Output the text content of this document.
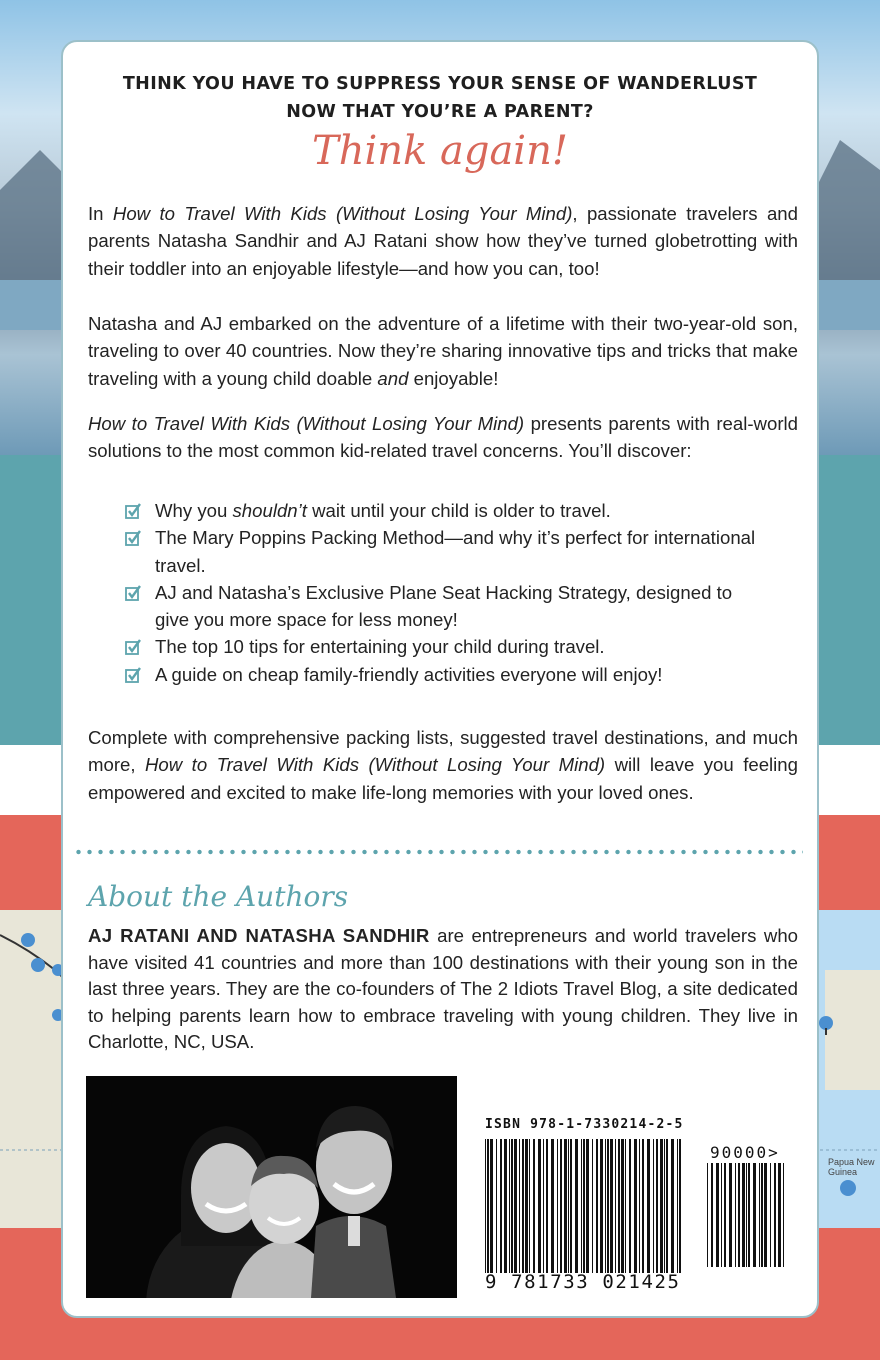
Papua New Guinea
THINK YOU HAVE TO SUPPRESS YOUR SENSE OF WANDERLUST
NOW THAT YOU’RE A PARENT?
Think again!
In How to Travel With Kids (Without Losing Your Mind), passionate travelers and parents Natasha Sandhir and AJ Ratani show how they’ve turned globetrotting with their toddler into an enjoyable lifestyle—and how you can, too!
Natasha and AJ embarked on the adventure of a lifetime with their two-year-old son, traveling to over 40 countries. Now they’re sharing innovative tips and tricks that make traveling with a young child doable and enjoyable!
How to Travel With Kids (Without Losing Your Mind) presents parents with real-world solutions to the most common kid-related travel concerns. You’ll discover:
Why you shouldn’t wait until your child is older to travel.
The Mary Poppins Packing Method—and why it’s perfect for international travel.
AJ and Natasha’s Exclusive Plane Seat Hacking Strategy, designed to give you more space for less money!
The top 10 tips for entertaining your child during travel.
A guide on cheap family-friendly activities everyone will enjoy!
Complete with comprehensive packing lists, suggested travel destinations, and much more, How to Travel With Kids (Without Losing Your Mind) will leave you feeling empowered and excited to make life-long memories with your loved ones.
About the Authors
AJ RATANI AND NATASHA SANDHIR are entrepreneurs and world travelers who have visited 41 countries and more than 100 destinations with their young son in the last three years. They are the co-founders of The 2 Idiots Travel Blog, a site dedicated to helping parents learn how to embrace traveling with young children. They live in Charlotte, NC, USA.
ISBN 978-1-7330214-2-5
90000>
9 781733 021425
